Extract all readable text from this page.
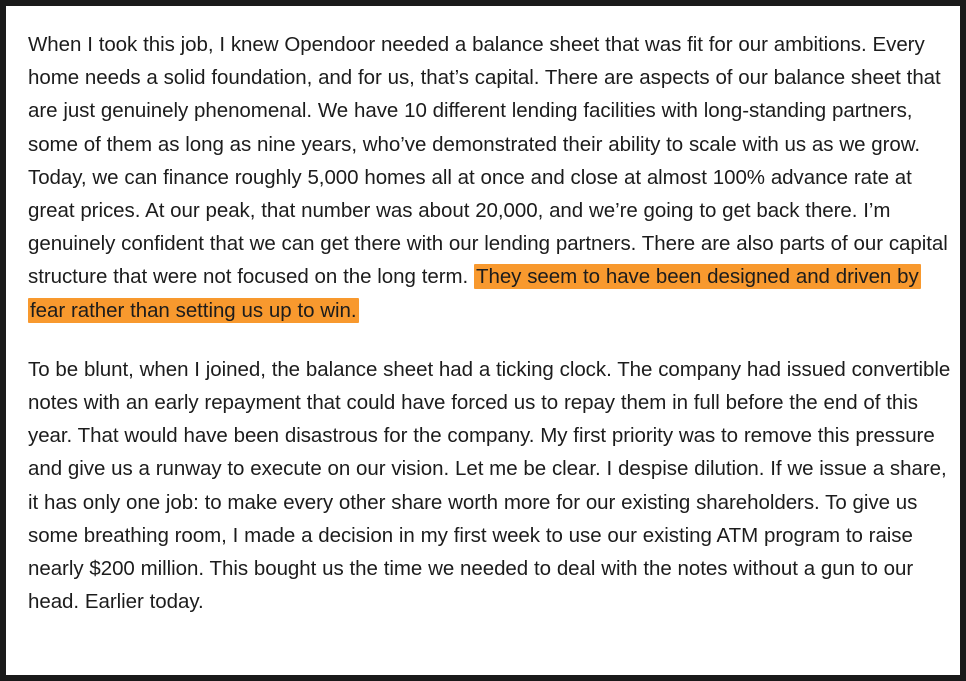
When I took this job, I knew Opendoor needed a balance sheet that was fit for our ambitions. Every home needs a solid foundation, and for us, that’s capital. There are aspects of our balance sheet that are just genuinely phenomenal. We have 10 different lending facilities with long-standing partners, some of them as long as nine years, who’ve demonstrated their ability to scale with us as we grow. Today, we can finance roughly 5,000 homes all at once and close at almost 100% advance rate at great prices. At our peak, that number was about 20,000, and we’re going to get back there. I’m genuinely confident that we can get there with our lending partners. There are also parts of our capital structure that were not focused on the long term. They seem to have been designed and driven by fear rather than setting us up to win.

To be blunt, when I joined, the balance sheet had a ticking clock. The company had issued convertible notes with an early repayment that could have forced us to repay them in full before the end of this year. That would have been disastrous for the company. My first priority was to remove this pressure and give us a runway to execute on our vision. Let me be clear. I despise dilution. If we issue a share, it has only one job: to make every other share worth more for our existing shareholders. To give us some breathing room, I made a decision in my first week to use our existing ATM program to raise nearly $200 million. This bought us the time we needed to deal with the notes without a gun to our head. Earlier today.
